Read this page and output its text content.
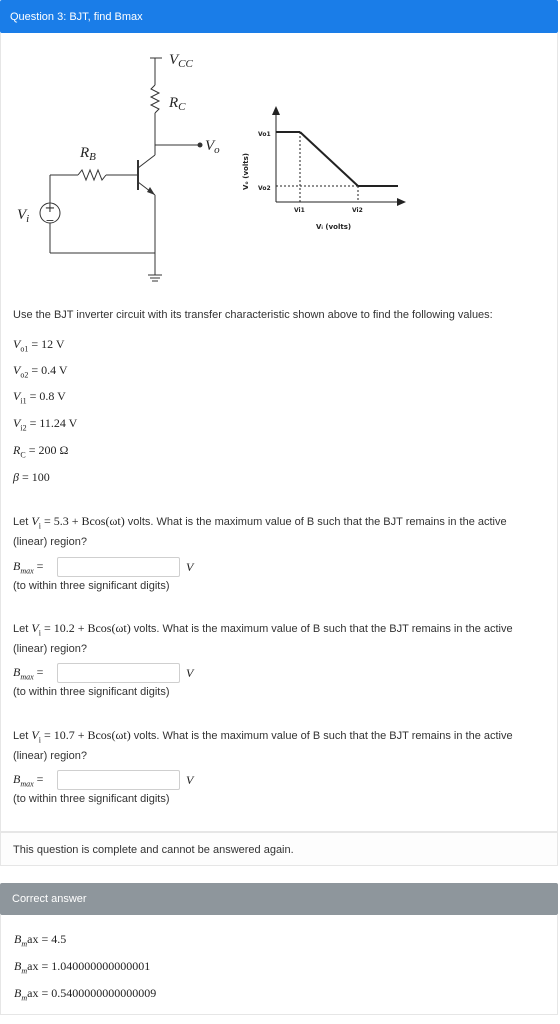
Question 3: BJT, find Bmax
+
−
$V_{CC}$
$R_C$
$R_B$
$V_o$
$V_i$
Vo1
Vo2
Vi1	Vi2
Vᵢ (volts)
Vₒ (volts)
Use the BJT inverter circuit with its transfer characteristic shown above to find the following values:
$V_{o1} = 12$ V
$V_{o2} = 0.4$ V
$V_{i1} = 0.8$ V
$V_{i2} = 11.24$ V
$R_C = 200$ Ω
β = 100
Let $V_i = 5.3 + Bcos(\omega t)$ volts. What is the maximum value of B such that the BJT remains in the active
(linear) region?
$B_{max}$ =	V
(to within three significant digits)
Let $V_i = 10.2 + Bcos(\omega t)$ volts. What is the maximum value of B such that the BJT remains in the active
(linear) region?
$B_{max}$ =	V
(to within three significant digits)
Let $V_i = 10.7 + Bcos(\omega t)$ volts. What is the maximum value of B such that the BJT remains in the active
(linear) region?
$B_{max}$ =	V
(to within three significant digits)
This question is complete and cannot be answered again.
Correct answer
$B_max = 4.5$
$B_max = 1.040000000000001$
$B_max = 0.5400000000000009$
